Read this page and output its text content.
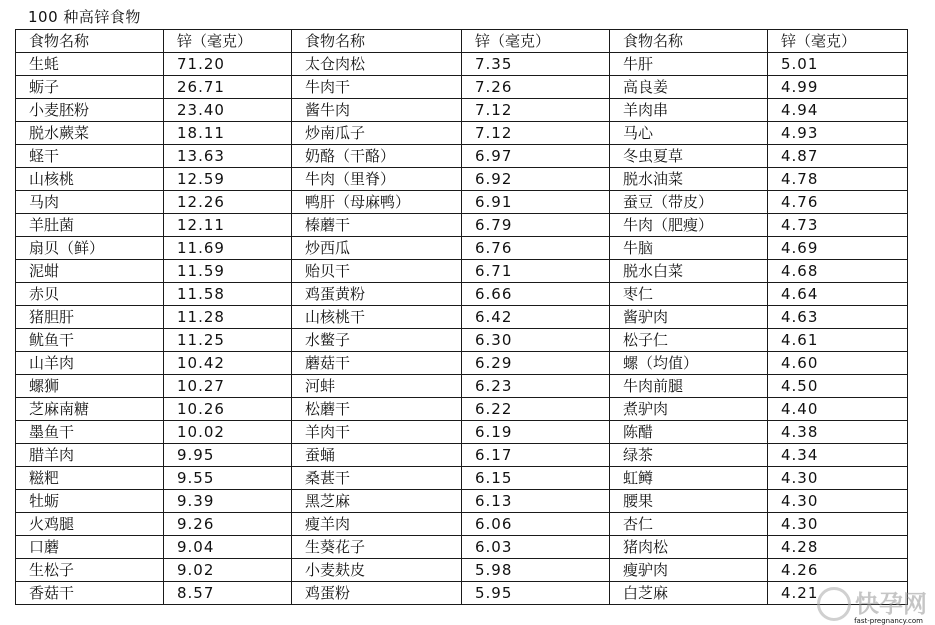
100 种高锌食物
食物名称	锌（毫克）	食物名称	锌（毫克）	食物名称	锌（毫克）
生蚝	71.20	太仓肉松	7.35	牛肝	5.01
蛎子	26.71	牛肉干	7.26	高良姜	4.99
小麦胚粉	23.40	酱牛肉	7.12	羊肉串	4.94
脱水蕨菜	18.11	炒南瓜子	7.12	马心	4.93
蛏干	13.63	奶酪（干酪）	6.97	冬虫夏草	4.87
山核桃	12.59	牛肉（里脊）	6.92	脱水油菜	4.78
马肉	12.26	鸭肝（母麻鸭）	6.91	蚕豆（带皮）	4.76
羊肚菌	12.11	榛蘑干	6.79	牛肉（肥瘦）	4.73
扇贝（鲜）	11.69	炒西瓜	6.76	牛脑	4.69
泥蚶	11.59	贻贝干	6.71	脱水白菜	4.68
赤贝	11.58	鸡蛋黄粉	6.66	枣仁	4.64
猪胆肝	11.28	山核桃干	6.42	酱驴肉	4.63
鱿鱼干	11.25	水鳖子	6.30	松子仁	4.61
山羊肉	10.42	蘑菇干	6.29	螺（均值）	4.60
螺狮	10.27	河蚌	6.23	牛肉前腿	4.50
芝麻南糖	10.26	松蘑干	6.22	煮驴肉	4.40
墨鱼干	10.02	羊肉干	6.19	陈醋	4.38
腊羊肉	9.95	蚕蛹	6.17	绿茶	4.34
糍粑	9.55	桑葚干	6.15	虹鳟	4.30
牡蛎	9.39	黑芝麻	6.13	腰果	4.30
火鸡腿	9.26	瘦羊肉	6.06	杏仁	4.30
口蘑	9.04	生葵花子	6.03	猪肉松	4.28
生松子	9.02	小麦麸皮	5.98	瘦驴肉	4.26
香菇干	8.57	鸡蛋粉	5.95	白芝麻	4.21 快孕网
fast-pregnancy.com
